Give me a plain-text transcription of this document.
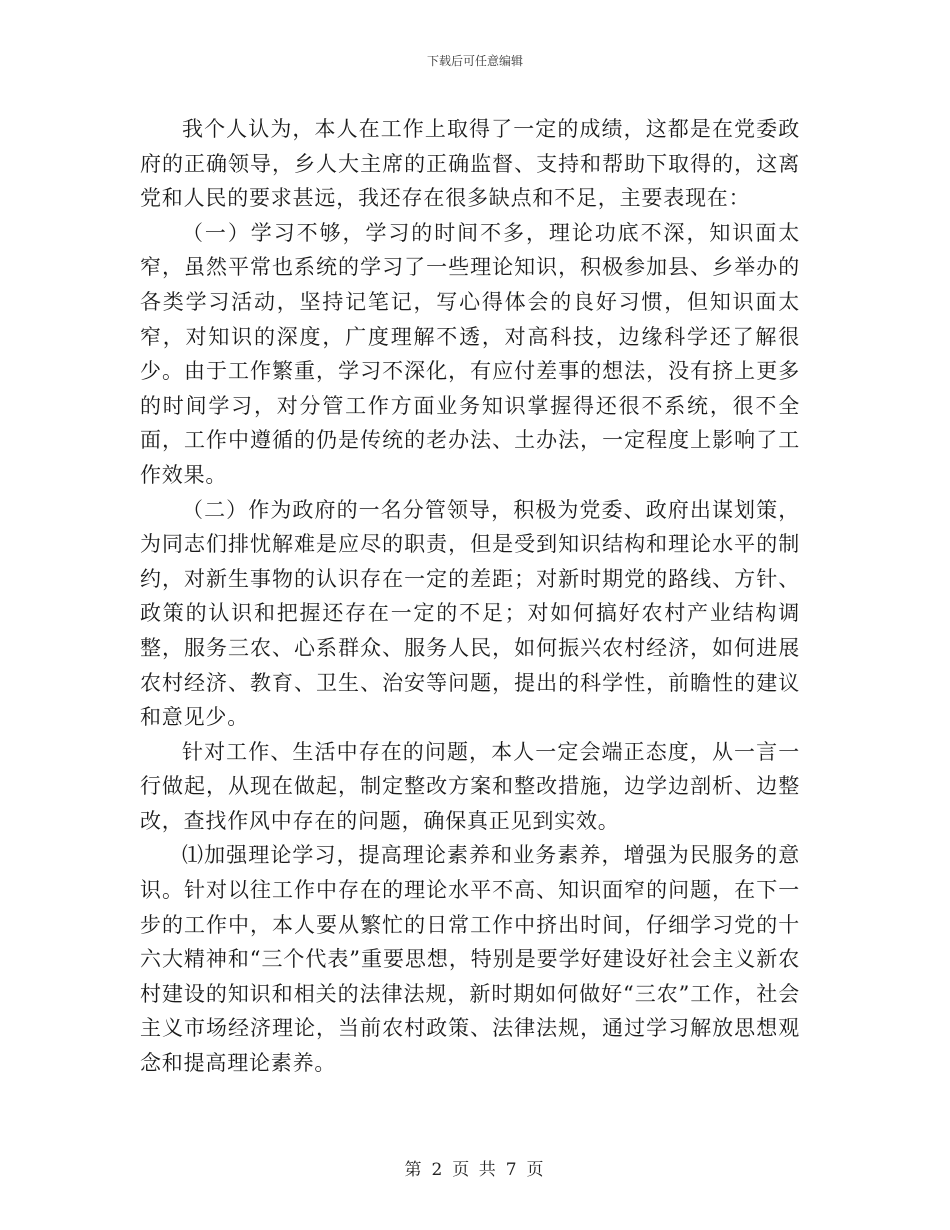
下载后可任意编辑

我个人认为，本人在工作上取得了一定的成绩，这都是在党委政府的正确领导，乡人大主席的正确监督、支持和帮助下取得的，这离党和人民的要求甚远，我还存在很多缺点和不足，主要表现在：

（一）学习不够，学习的时间不多，理论功底不深，知识面太窄，虽然平常也系统的学习了一些理论知识，积极参加县、乡举办的各类学习活动，坚持记笔记，写心得体会的良好习惯，但知识面太窄，对知识的深度，广度理解不透，对高科技，边缘科学还了解很少。由于工作繁重，学习不深化，有应付差事的想法，没有挤上更多的时间学习，对分管工作方面业务知识掌握得还很不系统，很不全面，工作中遵循的仍是传统的老办法、土办法，一定程度上影响了工作效果。

（二）作为政府的一名分管领导，积极为党委、政府出谋划策，为同志们排忧解难是应尽的职责，但是受到知识结构和理论水平的制约，对新生事物的认识存在一定的差距；对新时期党的路线、方针、政策的认识和把握还存在一定的不足；对如何搞好农村产业结构调整，服务三农、心系群众、服务人民，如何振兴农村经济，如何进展农村经济、教育、卫生、治安等问题，提出的科学性，前瞻性的建议和意见少。

针对工作、生活中存在的问题，本人一定会端正态度，从一言一行做起，从现在做起，制定整改方案和整改措施，边学边剖析、边整改，查找作风中存在的问题，确保真正见到实效。

⑴加强理论学习，提高理论素养和业务素养，增强为民服务的意识。针对以往工作中存在的理论水平不高、知识面窄的问题，在下一步的工作中，本人要从繁忙的日常工作中挤出时间，仔细学习党的十六大精神和“三个代表”重要思想，特别是要学好建设好社会主义新农村建设的知识和相关的法律法规，新时期如何做好“三农”工作，社会主义市场经济理论，当前农村政策、法律法规，通过学习解放思想观念和提高理论素养。

第 2 页 共 7 页
